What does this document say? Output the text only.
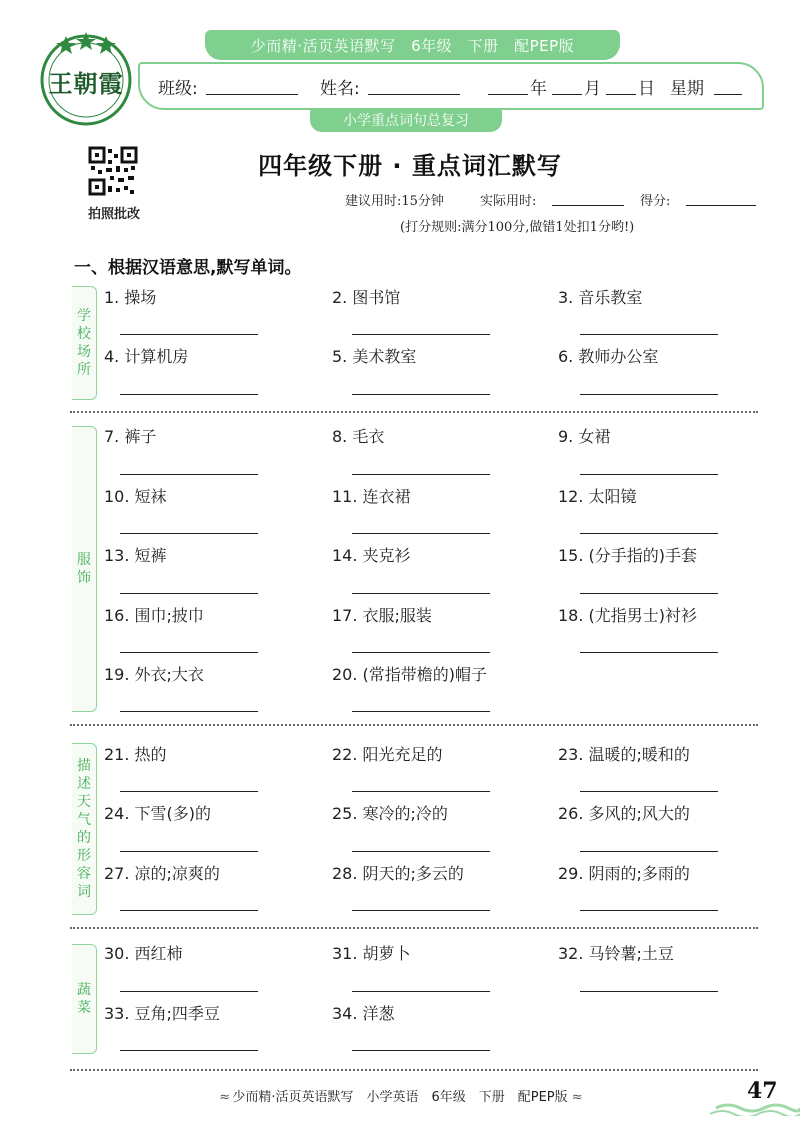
王朝霞
少而精·活页英语默写　6年级　下册　配PEP版
班级:	姓名:	年 月 日 星期
小学重点词句总复习
拍照批改
四年级下册 · 重点词汇默写
建议用时:15分钟	实际用时:	得分:
(打分规则:满分100分,做错1处扣1分哟!)
一、根据汉语意思,默写单词。
学校场所
1. 操场	2. 图书馆	3. 音乐教室
4. 计算机房	5. 美术教室	6. 教师办公室
服饰
7. 裤子	8. 毛衣	9. 女裙
10. 短袜	11. 连衣裙	12. 太阳镜
13. 短裤	14. 夹克衫	15. (分手指的)手套
16. 围巾;披巾	17. 衣服;服装	18. (尤指男士)衬衫
19. 外衣;大衣	20. (常指带檐的)帽子
描述天气的形容词
21. 热的	22. 阳光充足的	23. 温暖的;暖和的
24. 下雪(多)的	25. 寒冷的;冷的	26. 多风的;风大的
27. 凉的;凉爽的	28. 阴天的;多云的	29. 阴雨的;多雨的
蔬菜
30. 西红柿	31. 胡萝卜	32. 马铃薯;土豆
33. 豆角;四季豆	34. 洋葱
≈ 少而精·活页英语默写　小学英语　6年级　下册　配PEP版 ≈	47
